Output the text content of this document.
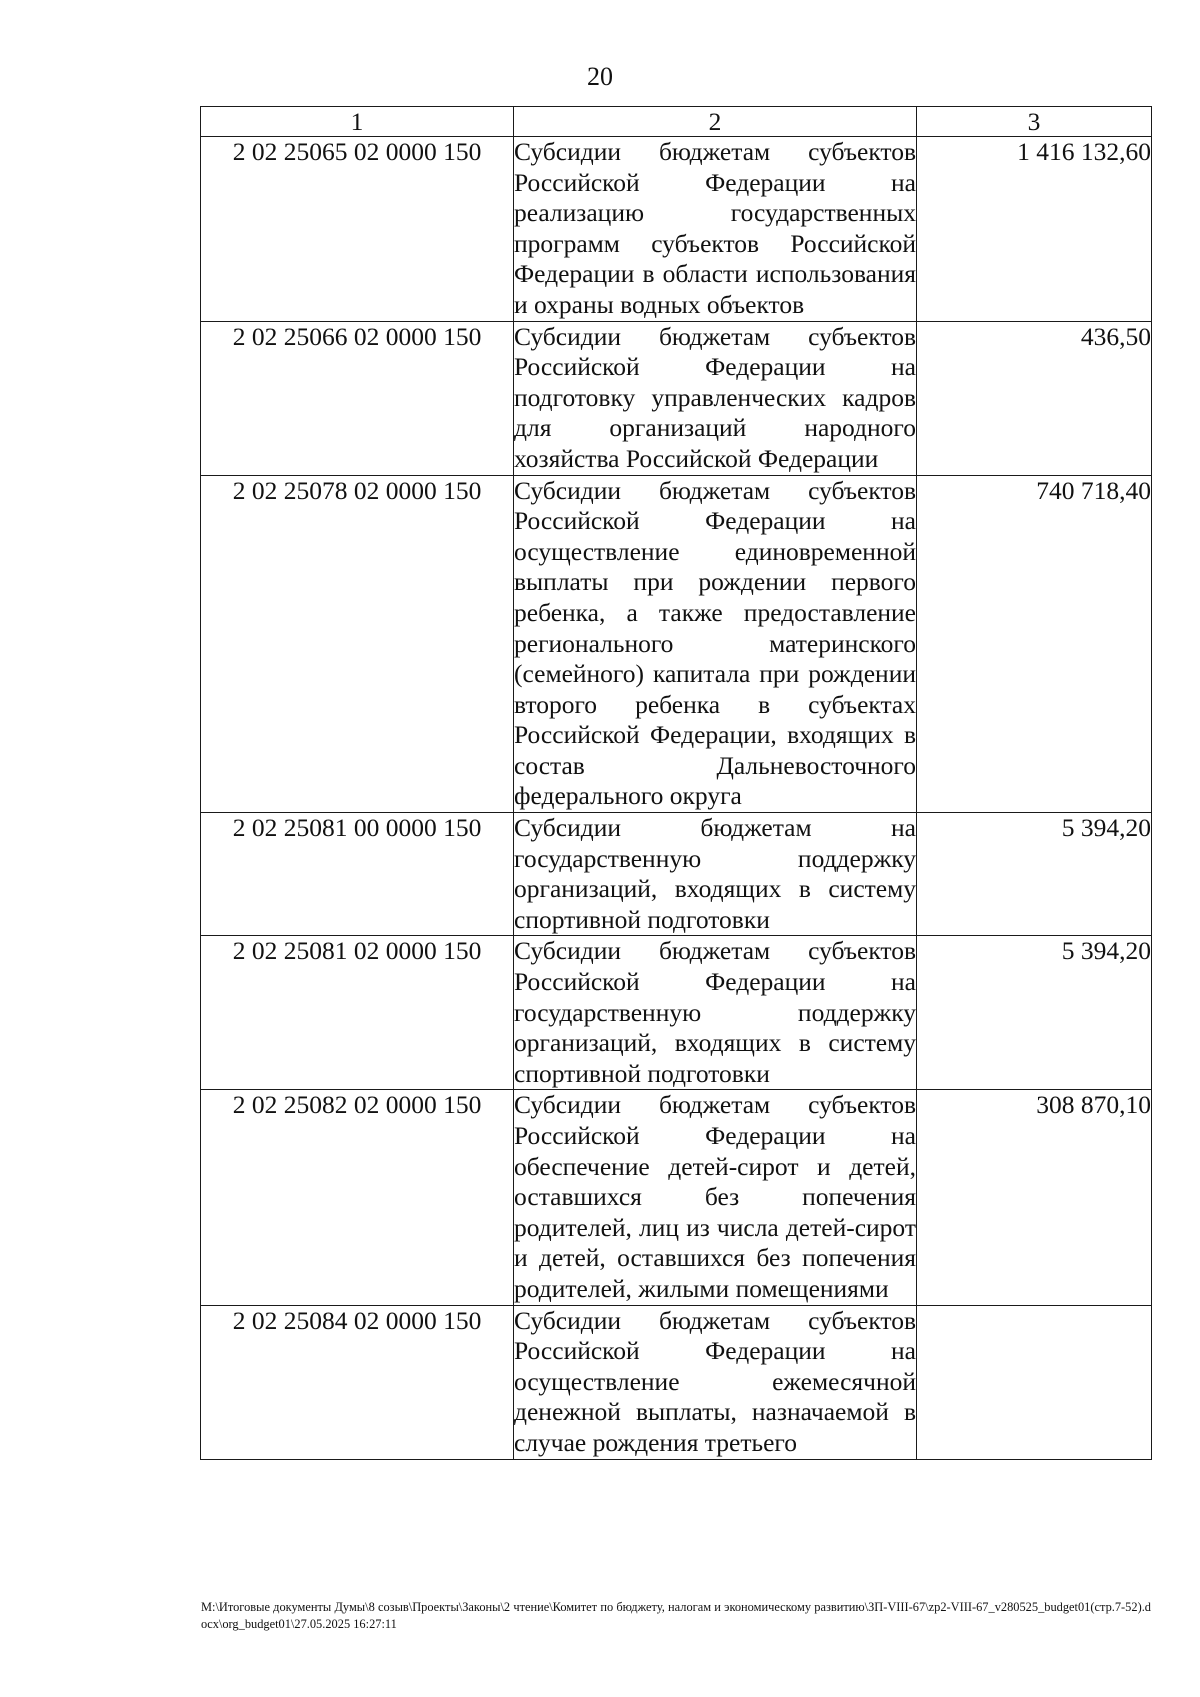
20
1	2	3
2 02 25065 02 0000 150	Субсидии бюджетам субъектов Российской Федерации на реализацию государственных программ субъектов Российской Федерации в области использования и охраны водных объектов	1 416 132,60
2 02 25066 02 0000 150	Субсидии бюджетам субъектов Российской Федерации на подготовку управленческих кадров для организаций народного хозяйства Российской Федерации	436,50
2 02 25078 02 0000 150	Субсидии бюджетам субъектов Российской Федерации на осуществление единовременной выплаты при рождении первого ребенка, а также предоставление регионального материнского (семейного) капитала при рождении второго ребенка в субъектах Российской Федерации, входящих в состав Дальневосточного федерального округа	740 718,40
2 02 25081 00 0000 150	Субсидии бюджетам на государственную поддержку организаций, входящих в систему спортивной подготовки	5 394,20
2 02 25081 02 0000 150	Субсидии бюджетам субъектов Российской Федерации на государственную поддержку организаций, входящих в систему спортивной подготовки	5 394,20
2 02 25082 02 0000 150	Субсидии бюджетам субъектов Российской Федерации на обеспечение детей-сирот и детей, оставшихся без попечения родителей, лиц из числа детей-сирот и детей, оставшихся без попечения родителей, жилыми помещениями	308 870,10
2 02 25084 02 0000 150	Субсидии бюджетам субъектов Российской Федерации на осуществление ежемесячной денежной выплаты, назначаемой в случае рождения третьего	
М:\Итоговые документы Думы\8 созыв\Проекты\Законы\2 чтение\Комитет по бюджету, налогам и экономическому развитию\ЗП-VIII-67\zp2-VIII-67_v280525_budget01(стр.7-52).docx\org_budget01\27.05.2025 16:27:11
